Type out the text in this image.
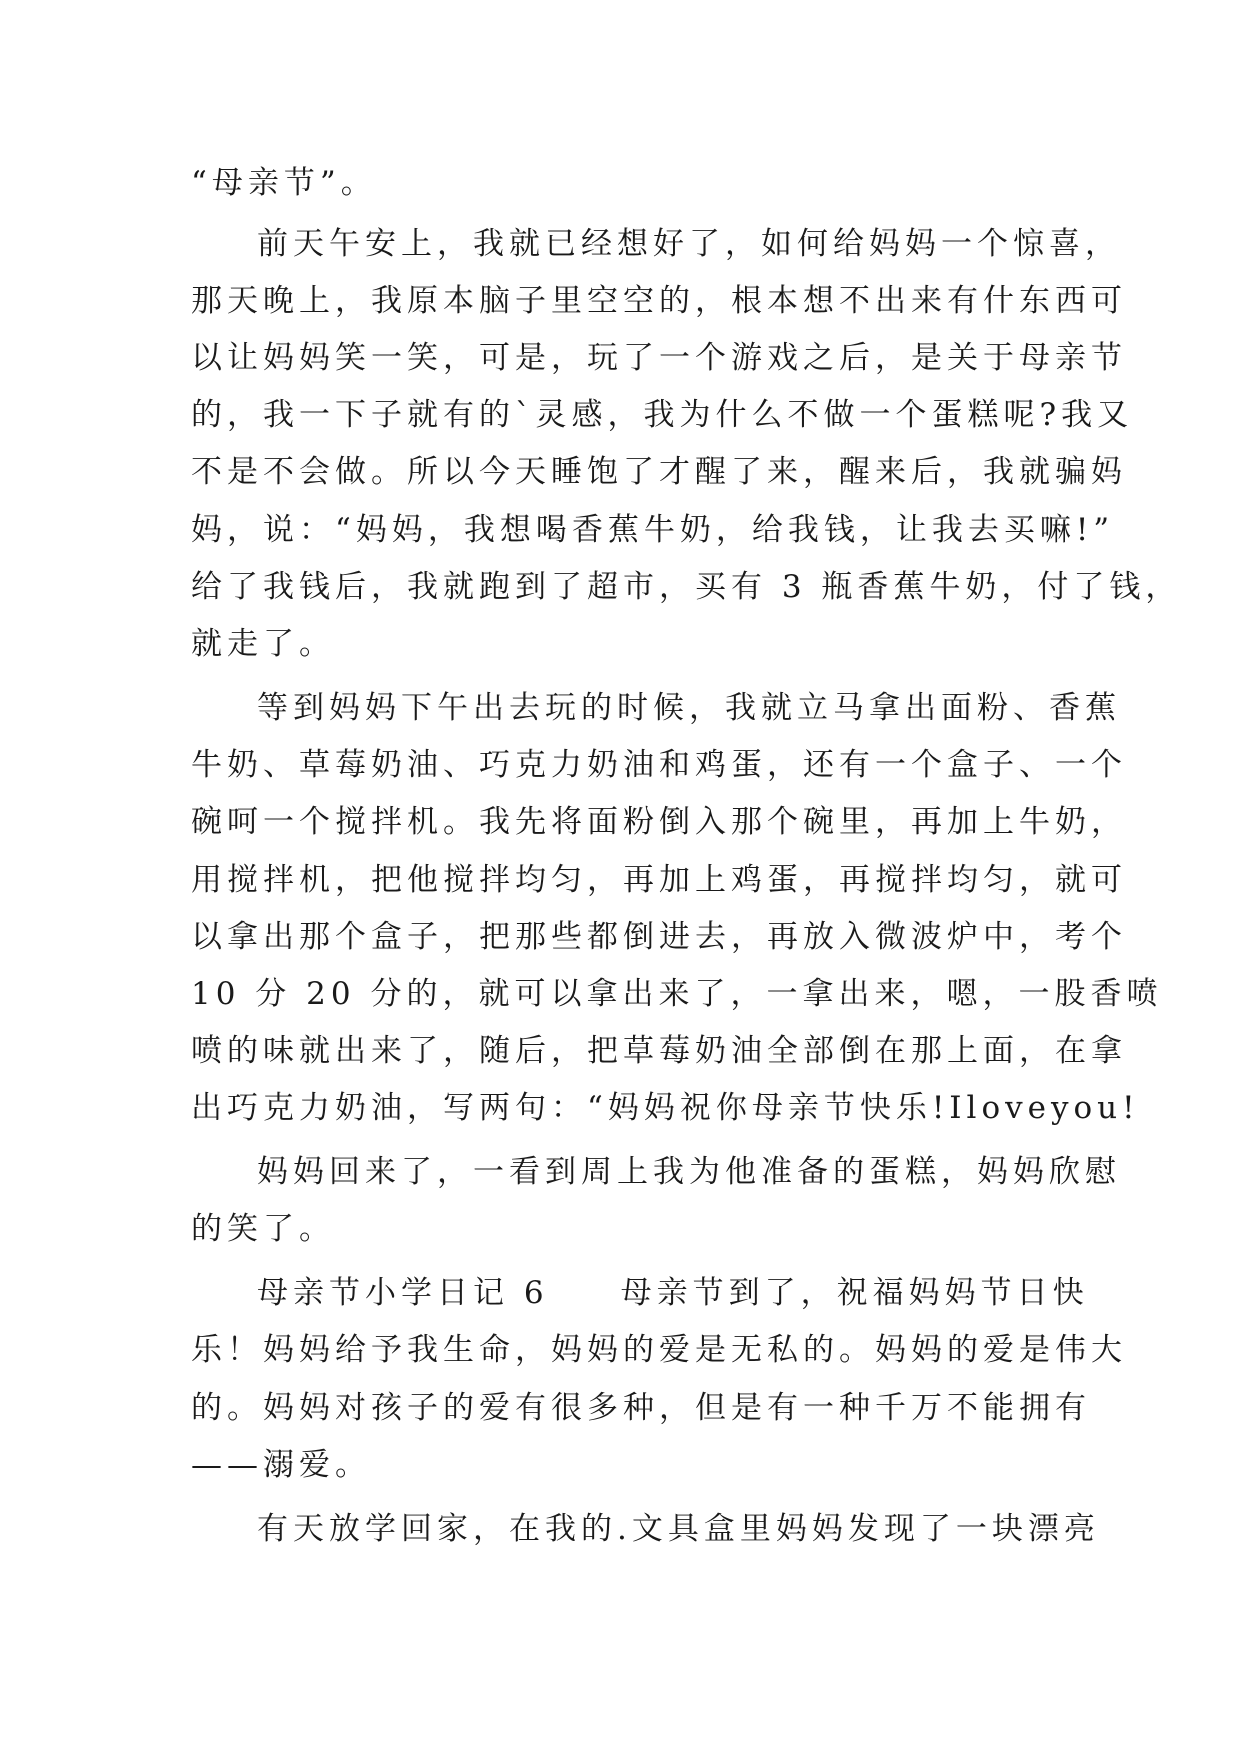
“母亲节”。
前天午安上，我就已经想好了，如何给妈妈一个惊喜，
那天晚上，我原本脑子里空空的，根本想不出来有什东西可
以让妈妈笑一笑，可是，玩了一个游戏之后，是关于母亲节
的，我一下子就有的`灵感，我为什么不做一个蛋糕呢?我又
不是不会做。所以今天睡饱了才醒了来，醒来后，我就骗妈
妈，说：“妈妈，我想喝香蕉牛奶，给我钱，让我去买嘛!”
给了我钱后，我就跑到了超市，买有 3 瓶香蕉牛奶，付了钱，
就走了。
等到妈妈下午出去玩的时候，我就立马拿出面粉、香蕉
牛奶、草莓奶油、巧克力奶油和鸡蛋，还有一个盒子、一个
碗呵一个搅拌机。我先将面粉倒入那个碗里，再加上牛奶，
用搅拌机，把他搅拌均匀，再加上鸡蛋，再搅拌均匀，就可
以拿出那个盒子，把那些都倒进去，再放入微波炉中，考个
10 分 20 分的，就可以拿出来了，一拿出来，嗯，一股香喷
喷的味就出来了，随后，把草莓奶油全部倒在那上面，在拿
出巧克力奶油，写两句：“妈妈祝你母亲节快乐!Iloveyou!
妈妈回来了，一看到周上我为他准备的蛋糕，妈妈欣慰
的笑了。
母亲节小学日记 6　　母亲节到了，祝福妈妈节日快
乐！妈妈给予我生命，妈妈的爱是无私的。妈妈的爱是伟大
的。妈妈对孩子的爱有很多种，但是有一种千万不能拥有
——溺爱。
有天放学回家，在我的.文具盒里妈妈发现了一块漂亮
